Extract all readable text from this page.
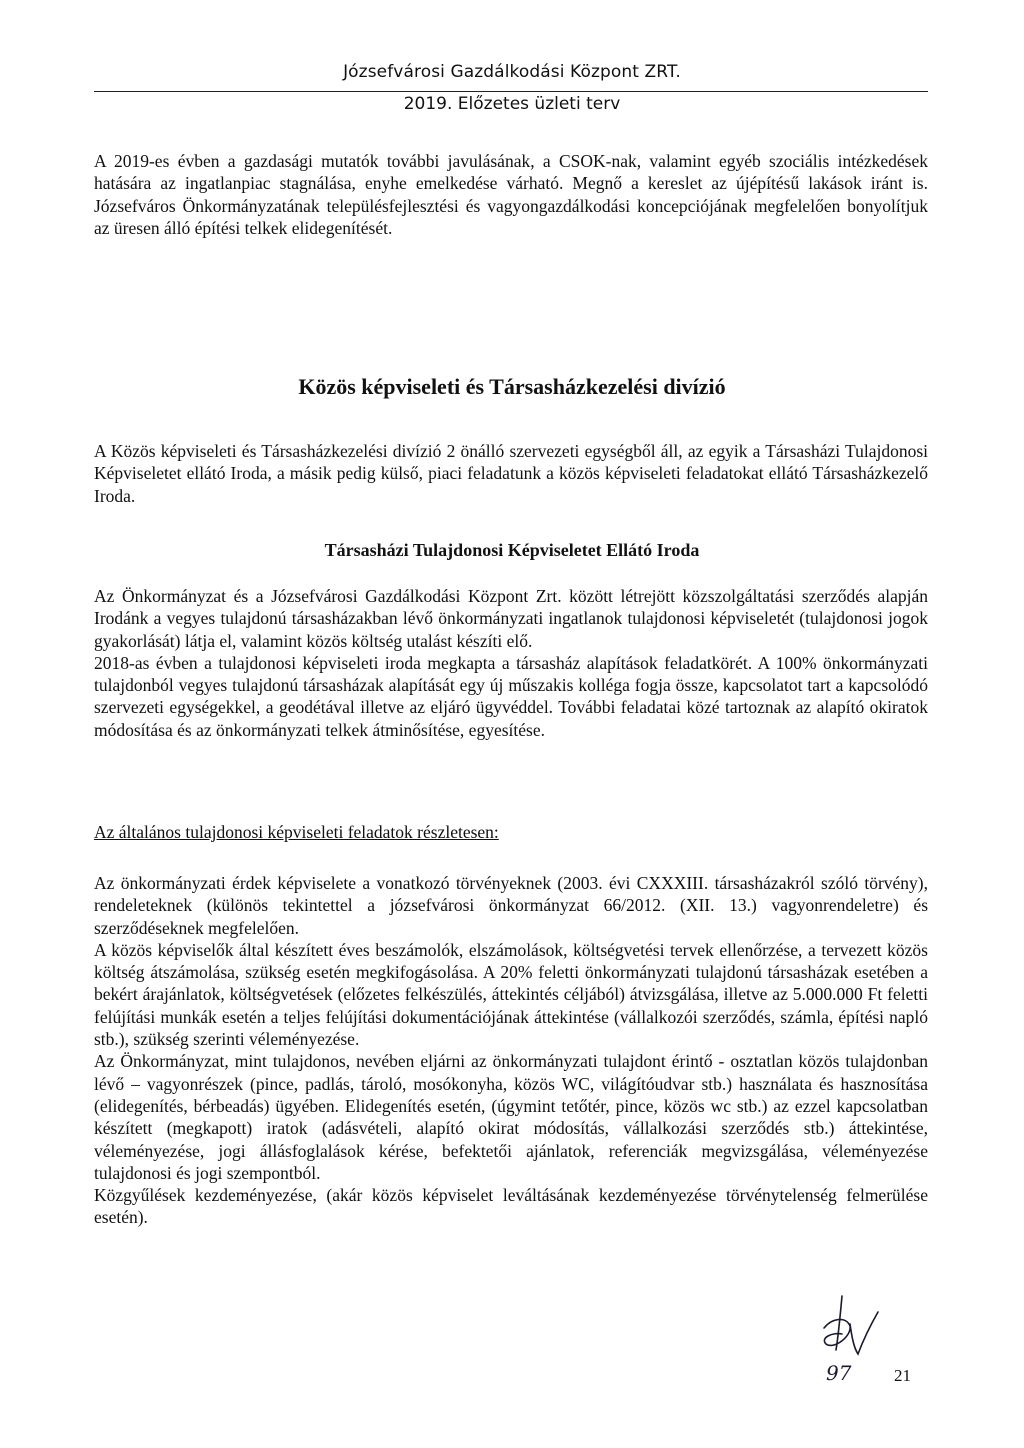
Józsefvárosi Gazdálkodási Központ ZRT.
2019. Előzetes üzleti terv

A 2019-es évben a gazdasági mutatók további javulásának, a CSOK-nak, valamint egyéb szociális intézkedések hatására az ingatlanpiac stagnálása, enyhe emelkedése várható. Megnő a kereslet az újépítésű lakások iránt is. Józsefváros Önkormányzatának településfejlesztési és vagyongazdálkodási koncepciójának megfelelően bonyolítjuk az üresen álló építési telkek elidegenítését.

Közös képviseleti és Társasházkezelési divízió

A Közös képviseleti és Társasházkezelési divízió 2 önálló szervezeti egységből áll, az egyik a Társasházi Tulajdonosi Képviseletet ellátó Iroda, a másik pedig külső, piaci feladatunk a közös képviseleti feladatokat ellátó Társasházkezelő Iroda.

Társasházi Tulajdonosi Képviseletet Ellátó Iroda

Az Önkormányzat és a Józsefvárosi Gazdálkodási Központ Zrt. között létrejött közszolgáltatási szerződés alapján Irodánk a vegyes tulajdonú társasházakban lévő önkormányzati ingatlanok tulajdonosi képviseletét (tulajdonosi jogok gyakorlását) látja el, valamint közös költség utalást készíti elő.

2018-as évben a tulajdonosi képviseleti iroda megkapta a társasház alapítások feladatkörét. A 100% önkormányzati tulajdonból vegyes tulajdonú társasházak alapítását egy új műszakis kolléga fogja össze, kapcsolatot tart a kapcsolódó szervezeti egységekkel, a geodétával illetve az eljáró ügyvéddel. További feladatai közé tartoznak az alapító okiratok módosítása és az önkormányzati telkek átminősítése, egyesítése.

Az általános tulajdonosi képviseleti feladatok részletesen:

Az önkormányzati érdek képviselete a vonatkozó törvényeknek (2003. évi CXXXIII. társasházakról szóló törvény), rendeleteknek (különös tekintettel a józsefvárosi önkormányzat 66/2012. (XII. 13.) vagyonrendeletre) és szerződéseknek megfelelően.

A közös képviselők által készített éves beszámolók, elszámolások, költségvetési tervek ellenőrzése, a tervezett közös költség átszámolása, szükség esetén megkifogásolása. A 20% feletti önkormányzati tulajdonú társasházak esetében a bekért árajánlatok, költségvetések (előzetes felkészülés, áttekintés céljából) átvizsgálása, illetve az 5.000.000 Ft feletti felújítási munkák esetén a teljes felújítási dokumentációjának áttekintése (vállalkozói szerződés, számla, építési napló stb.), szükség szerinti véleményezése.

Az Önkormányzat, mint tulajdonos, nevében eljárni az önkormányzati tulajdont érintő - osztatlan közös tulajdonban lévő – vagyonrészek (pince, padlás, tároló, mosókonyha, közös WC, világítóudvar stb.) használata és hasznosítása (elidegenítés, bérbeadás) ügyében. Elidegenítés esetén, (úgymint tetőtér, pince, közös wc stb.) az ezzel kapcsolatban készített (megkapott) iratok (adásvételi, alapító okirat módosítás, vállalkozási szerződés stb.) áttekintése, véleményezése, jogi állásfoglalások kérése, befektetői ajánlatok, referenciák megvizsgálása, véleményezése tulajdonosi és jogi szempontból.

Közgyűlések kezdeményezése, (akár közös képviselet leváltásának kezdeményezése törvénytelenség felmerülése esetén).

97	21
